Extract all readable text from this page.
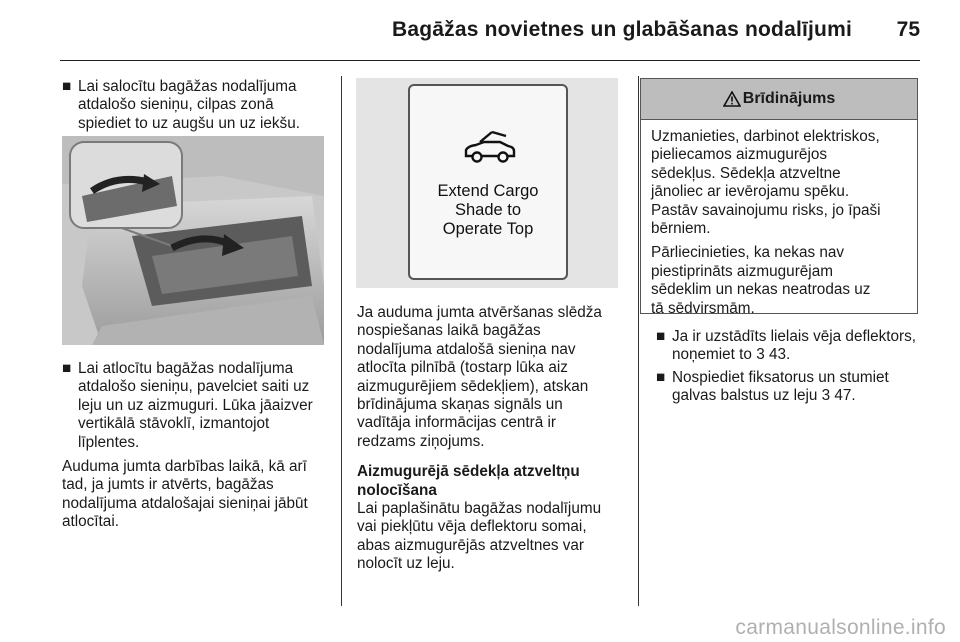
Bagāžas novietnes un glabāšanas nodalījumi 75
■ Lai salocītu bagāžas nodalījuma
atdalošo sieniņu, cilpas zonā
spiediet to uz augšu un uz iekšu.
■ Lai atlocītu bagāžas nodalījuma
atdalošo sieniņu, pavelciet saiti uz
leju un uz aizmuguri. Lūka jāaizver
vertikālā stāvoklī, izmantojot
līplentes.

Auduma jumta darbības laikā, kā arī
tad, ja jumts ir atvērts, bagāžas
nodalījuma atdalošajai sieniņai jābūt
atlocītai.

Extend Cargo
Shade to
Operate Top

Ja auduma jumta atvēršanas slēdža
nospiešanas laikā bagāžas
nodalījuma atdalošā sieniņa nav
atlocīta pilnībā (tostarp lūka aiz
aizmugurējiem sēdekļiem), atskan
brīdinājuma skaņas signāls un
vadītāja informācijas centrā ir
redzams ziņojums.

Aizmugurējā sēdekļa atzveltņu
nolocīšana

Lai paplašinātu bagāžas nodalījumu
vai piekļūtu vēja deflektoru somai,
abas aizmugurējās atzveltnes var
nolocīt uz leju.

Brīdinājums

Uzmanieties, darbinot elektriskos,
pieliecamos aizmugurējos
sēdekļus. Sēdekļa atzveltne
jānoliec ar ievērojamu spēku.
Pastāv savainojumu risks, jo īpaši
bērniem.

Pārliecinieties, ka nekas nav
piestiprināts aizmugurējam
sēdeklim un nekas neatrodas uz
tā sēdvirsmām.

■ Ja ir uzstādīts lielais vēja deflektors,
noņemiet to 3 43.
■ Nospiediet fiksatorus un stumiet
galvas balstus uz leju 3 47.
carmanualsonline.info
